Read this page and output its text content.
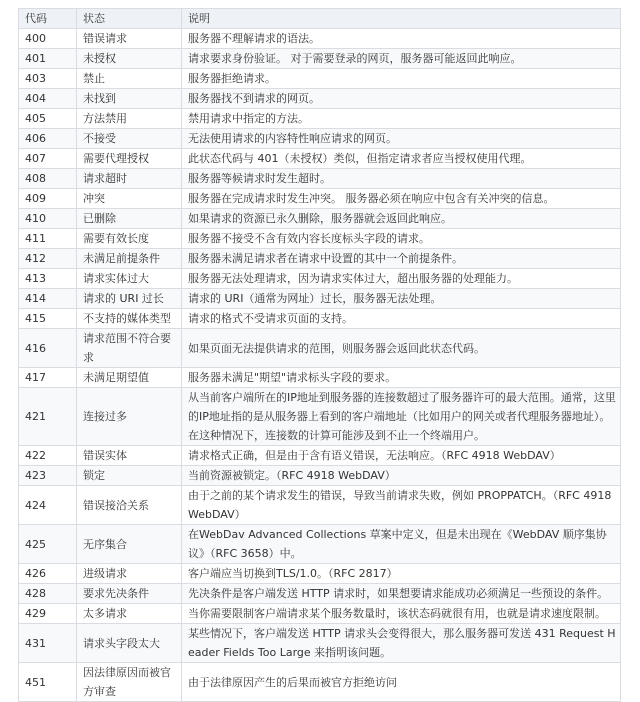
代码	状态	说明
400	错误请求	服务器不理解请求的语法。
401	未授权	请求要求身份验证。 对于需要登录的网页，服务器可能返回此响应。
403	禁止	服务器拒绝请求。
404	未找到	服务器找不到请求的网页。
405	方法禁用	禁用请求中指定的方法。
406	不接受	无法使用请求的内容特性响应请求的网页。
407	需要代理授权	此状态代码与 401（未授权）类似，但指定请求者应当授权使用代理。
408	请求超时	服务器等候请求时发生超时。
409	冲突	服务器在完成请求时发生冲突。 服务器必须在响应中包含有关冲突的信息。
410	已删除	如果请求的资源已永久删除，服务器就会返回此响应。
411	需要有效长度	服务器不接受不含有效内容长度标头字段的请求。
412	未满足前提条件	服务器未满足请求者在请求中设置的其中一个前提条件。
413	请求实体过大	服务器无法处理请求，因为请求实体过大，超出服务器的处理能力。
414	请求的 URI 过长	请求的 URI（通常为网址）过长，服务器无法处理。
415	不支持的媒体类型	请求的格式不受请求页面的支持。
416	请求范围不符合要求	如果页面无法提供请求的范围，则服务器会返回此状态代码。
417	未满足期望值	服务器未满足"期望"请求标头字段的要求。
421	连接过多	从当前客户端所在的IP地址到服务器的连接数超过了服务器许可的最大范围。通常，这里的IP地址指的是从服务器上看到的客户端地址（比如用户的网关或者代理服务器地址）。在这种情况下，连接数的计算可能涉及到不止一个终端用户。
422	错误实体	请求格式正确，但是由于含有语义错误，无法响应。（RFC 4918 WebDAV）
423	锁定	当前资源被锁定。（RFC 4918 WebDAV）
424	错误接洽关系	由于之前的某个请求发生的错误，导致当前请求失败，例如 PROPPATCH。（RFC 4918 WebDAV）
425	无序集合	在WebDav Advanced Collections 草案中定义，但是未出现在《WebDAV 顺序集协议》（RFC 3658）中。
426	进级请求	客户端应当切换到TLS/1.0。（RFC 2817）
428	要求先决条件	先决条件是客户端发送 HTTP 请求时，如果想要请求能成功必须满足一些预设的条件。
429	太多请求	当你需要限制客户端请求某个服务数量时，该状态码就很有用，也就是请求速度限制。
431	请求头字段太大	某些情况下，客户端发送 HTTP 请求头会变得很大，那么服务器可发送 431 Request Header Fields Too Large 来指明该问题。
451	因法律原因而被官方审查	由于法律原因产生的后果而被官方拒绝访问
